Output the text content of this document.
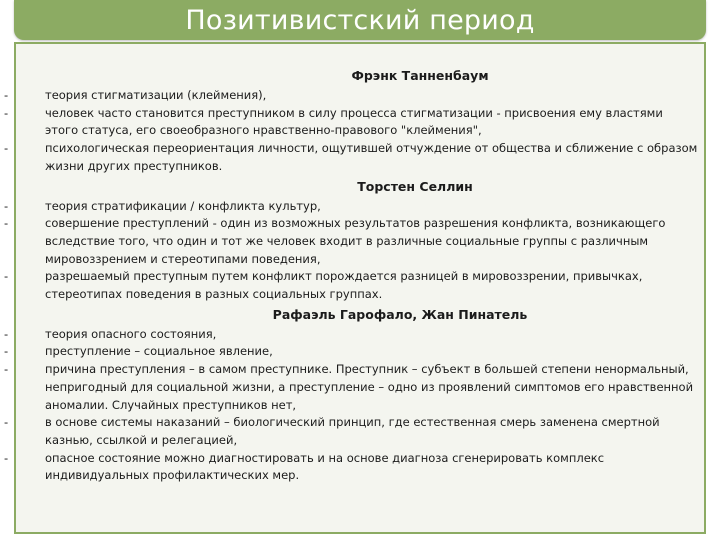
Позитивистский период
Фрэнк Танненбаум
-	теория стигматизации (клеймения),
-	человек часто становится преступником в силу процесса стигматизации - присвоения ему властями этого статуса, его своеобразного нравственно-правового "клеймения",
-	психологическая переориентация личности, ощутившей отчуждение от общества и сближение с образом жизни других преступников.
Торстен Селлин
-	теория стратификации / конфликта культур,
-	совершение преступлений - один из возможных результатов разрешения конфликта, возникающего вследствие того, что один и тот же человек входит в различные социальные группы с различным мировоззрением и стереотипами поведения,
-	разрешаемый преступным путем конфликт порождается разницей в мировоззрении, привычках, стереотипах поведения в разных социальных группах.
Рафаэль Гарофало, Жан Пинатель
-	теория опасного состояния,
-	преступление – социальное явление,
-	причина преступления – в самом преступнике. Преступник – субъект в большей степени ненормальный, непригодный для социальной жизни, а преступление – одно из проявлений симптомов его нравственной аномалии. Случайных преступников нет,
-	в основе системы наказаний – биологический принцип, где естественная смерь заменена смертной казнью, ссылкой и релегацией,
-	опасное состояние можно диагностировать и на основе диагноза сгенерировать комплекс индивидуальных профилактических мер.
